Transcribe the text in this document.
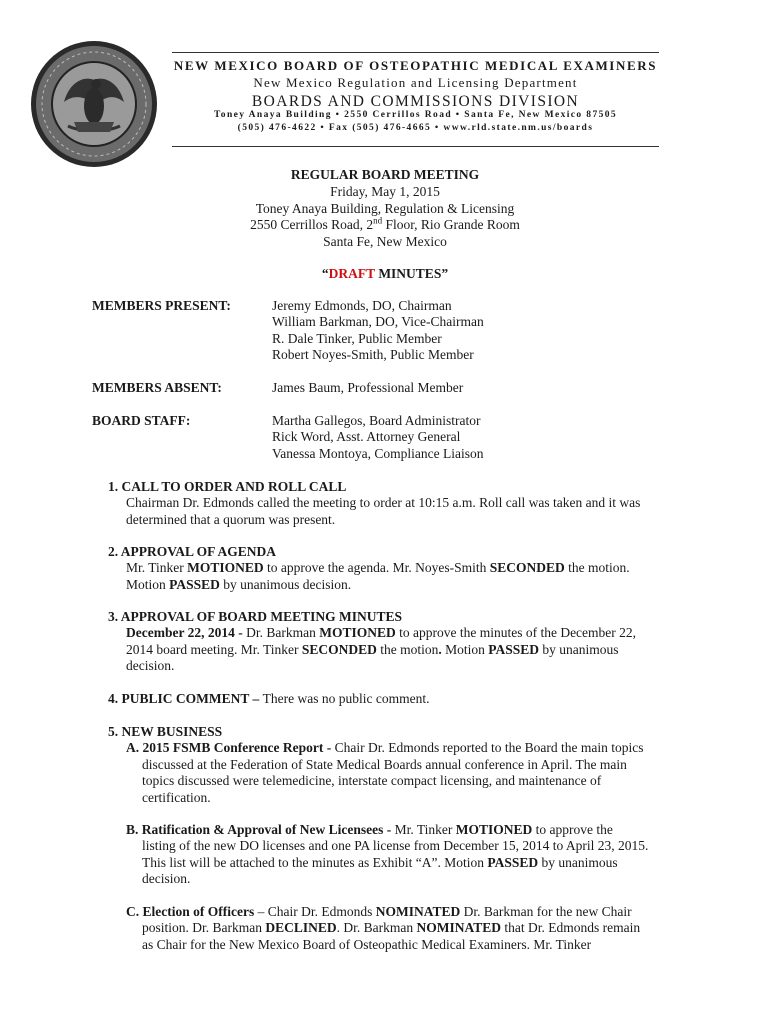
NEW MEXICO BOARD OF OSTEOPATHIC MEDICAL EXAMINERS
New Mexico Regulation and Licensing Department
BOARDS AND COMMISSIONS DIVISION
Toney Anaya Building • 2550 Cerrillos Road • Santa Fe, New Mexico 87505
(505) 476-4622 • Fax (505) 476-4665 • www.rld.state.nm.us/boards
REGULAR BOARD MEETING
Friday, May 1, 2015
Toney Anaya Building, Regulation & Licensing
2550 Cerrillos Road, 2nd Floor, Rio Grande Room
Santa Fe, New Mexico
“DRAFT MINUTES”
MEMBERS PRESENT:	Jeremy Edmonds, DO, Chairman
William Barkman, DO, Vice-Chairman
R. Dale Tinker, Public Member
Robert Noyes-Smith, Public Member
MEMBERS ABSENT:	James Baum, Professional Member
BOARD STAFF:	Martha Gallegos, Board Administrator
Rick Word, Asst. Attorney General
Vanessa Montoya, Compliance Liaison
1. CALL TO ORDER AND ROLL CALL
Chairman Dr. Edmonds called the meeting to order at 10:15 a.m. Roll call was taken and it was
determined that a quorum was present.
2. APPROVAL OF AGENDA
Mr. Tinker MOTIONED to approve the agenda. Mr. Noyes-Smith SECONDED the motion.
Motion PASSED by unanimous decision.
3. APPROVAL OF BOARD MEETING MINUTES
December 22, 2014 - Dr. Barkman MOTIONED to approve the minutes of the December 22,
2014 board meeting. Mr. Tinker SECONDED the motion. Motion PASSED by unanimous
decision.
4. PUBLIC COMMENT – There was no public comment.
5. NEW BUSINESS
A. 2015 FSMB Conference Report - Chair Dr. Edmonds reported to the Board the main topics
discussed at the Federation of State Medical Boards annual conference in April. The main
topics discussed were telemedicine, interstate compact licensing, and maintenance of
certification.
B. Ratification & Approval of New Licensees - Mr. Tinker MOTIONED to approve the
listing of the new DO licenses and one PA license from December 15, 2014 to April 23, 2015.
This list will be attached to the minutes as Exhibit “A”. Motion PASSED by unanimous
decision.
C. Election of Officers – Chair Dr. Edmonds NOMINATED Dr. Barkman for the new Chair
position. Dr. Barkman DECLINED. Dr. Barkman NOMINATED that Dr. Edmonds remain
as Chair for the New Mexico Board of Osteopathic Medical Examiners. Mr. Tinker
